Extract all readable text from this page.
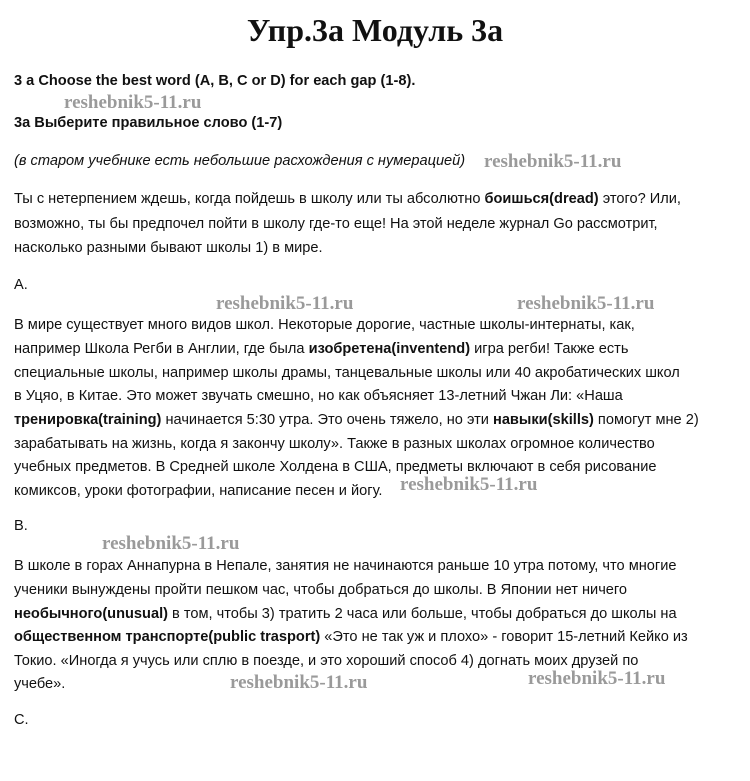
Упр.3а Модуль 3а
3 a Choose the best word (A, B, C or D) for each gap (1-8).
reshebnik5-11.ru
3а Выберите правильное слово (1-7)
(в старом учебнике есть небольшие расхождения с нумерацией) reshebnik5-11.ru
Ты с нетерпением ждешь, когда пойдешь в школу или ты абсолютно боишься(dread) этого? Или,
возможно, ты бы предпочел пойти в школу где-то еще! На этой неделе журнал Go рассмотрит,
насколько разными бывают школы 1) в мире.
A.
reshebnik5-11.ru	reshebnik5-11.ru
В мире существует много видов школ. Некоторые дорогие, частные школы-интернаты, как,
например Школа Регби в Англии, где была изобретена(inventend) игра регби! Также есть
специальные школы, например школы драмы, танцевальные школы или 40 акробатических школ
в Уцяо, в Китае. Это может звучать смешно, но как объясняет 13-летний Чжан Ли: «Наша
тренировка(training) начинается 5:30 утра. Это очень тяжело, но эти навыки(skills) помогут мне 2)
зарабатывать на жизнь, когда я закончу школу». Также в разных школах огромное количество
учебных предметов. В Средней школе Холдена в США, предметы включают в себя рисование
комиксов, уроки фотографии, написание песен и йогу. reshebnik5-11.ru
B.
reshebnik5-11.ru
В школе в горах Аннапурна в Непале, занятия не начинаются раньше 10 утра потому, что многие
ученики вынуждены пройти пешком час, чтобы добраться до школы. В Японии нет ничего
необычного(unusual) в том, чтобы 3) тратить 2 часа или больше, чтобы добраться до школы на
общественном транспорте(public trasport) «Это не так уж и плохо» - говорит 15-летний Кейко из
Токио. «Иногда я учусь или сплю в поезде, и это хороший способ 4) догнать моих друзей по
учебе».	reshebnik5-11.ru	reshebnik5-11.ru
C.
